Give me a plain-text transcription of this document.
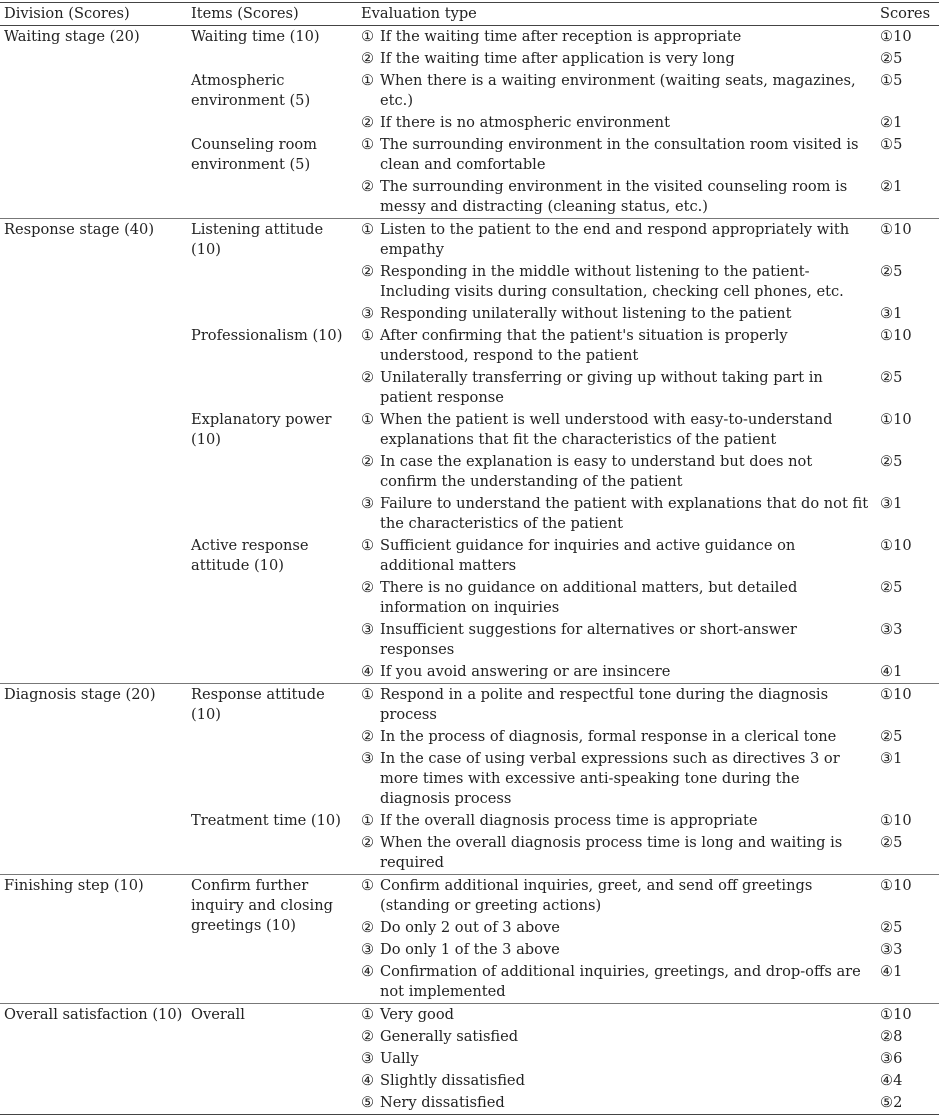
Division (Scores)	Items (Scores)	Evaluation type	Scores
Waiting stage (20)	Waiting time (10)	① If the waiting time after reception is appropriate	①10

		② If the waiting time after application is very long	②5
	Atmospheric environment (5)	① When there is a waiting environment (waiting seats, magazines, etc.)	①5

		② If there is no atmospheric environment	②1
	Counseling room environment (5)	① The surrounding environment in the consultation room visited is clean and comfortable	①5

		② The surrounding environment in the visited counseling room is messy and distracting (cleaning status, etc.)	②1
Response stage (40)	Listening attitude (10)	① Listen to the patient to the end and respond appropriately with empathy	①10

		② Responding in the middle without listening to the patient- Including visits during consultation, checking cell phones, etc.	②5

		③ Responding unilaterally without listening to the patient	③1
	Professionalism (10)	① After confirming that the patient's situation is properly understood, respond to the patient	①10

		② Unilaterally transferring or giving up without taking part in patient response	②5
	Explanatory power (10)	① When the patient is well understood with easy-to-understand explanations that fit the characteristics of the patient	①10

		② In case the explanation is easy to understand but does not confirm the understanding of the patient	②5

		③ Failure to understand the patient with explanations that do not fit the characteristics of the patient	③1
	Active response attitude (10)	① Sufficient guidance for inquiries and active guidance on additional matters	①10

		② There is no guidance on additional matters, but detailed information on inquiries	②5

		③ Insufficient suggestions for alternatives or short-answer responses	③3

		④ If you avoid answering or are insincere	④1
Diagnosis stage (20)	Response attitude (10)	① Respond in a polite and respectful tone during the diagnosis process	①10

		② In the process of diagnosis, formal response in a clerical tone	②5

		③ In the case of using verbal expressions such as directives 3 or more times with excessive anti-speaking tone during the diagnosis process	③1
	Treatment time (10)	① If the overall diagnosis process time is appropriate	①10

		② When the overall diagnosis process time is long and waiting is required	②5
Finishing step (10)	Confirm further inquiry and closing greetings (10)	① Confirm additional inquiries, greet, and send off greetings (standing or greeting actions)	①10

		② Do only 2 out of 3 above	②5

		③ Do only 1 of the 3 above	③3

		④ Confirmation of additional inquiries, greetings, and drop-offs are not implemented	④1
Overall satisfaction (10)	Overall	① Very good	①10

		② Generally satisfied	②8

		③ Ually	③6

		④ Slightly dissatisfied	④4

		⑤ Nery dissatisfied	⑤2
